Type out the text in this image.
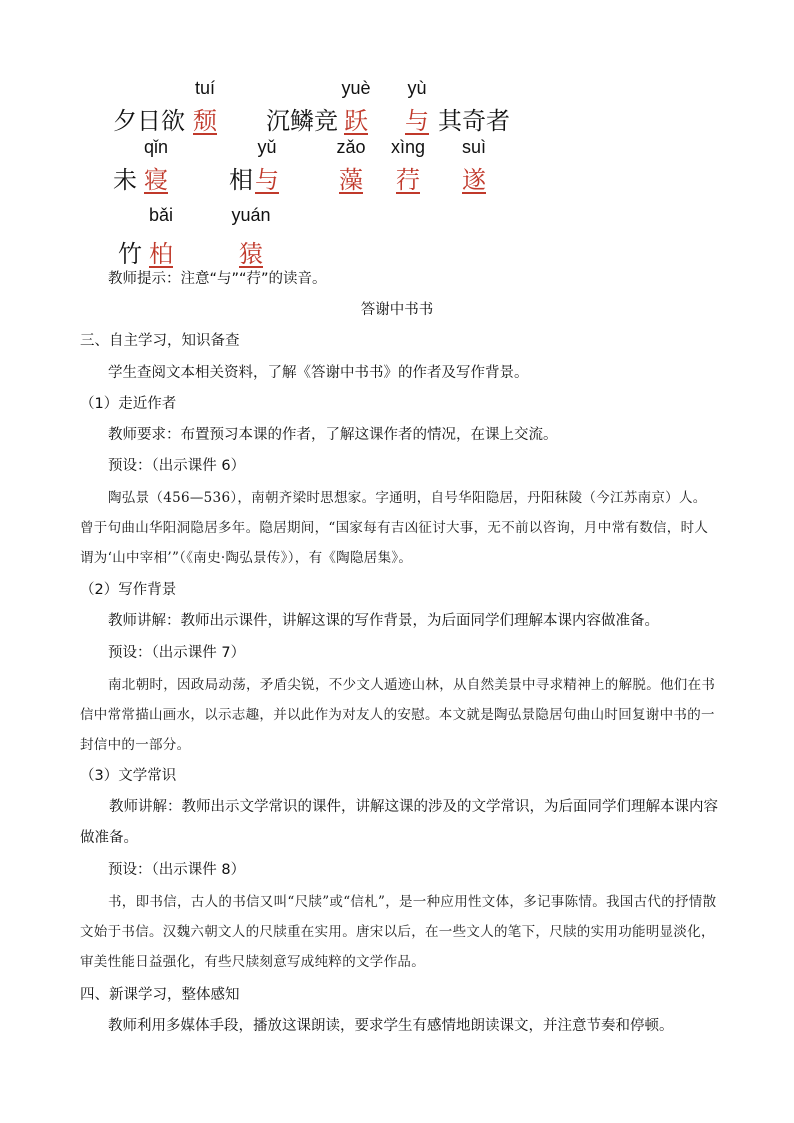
夕日欲
tuí
颓 沉鳞竞
yuè
跃
yù
与 其奇者
未
qǐn
寝	相
yǔ
与
zǎo
藻
xìng
荇
suì
遂
竹
bǎi
柏
yuán
猿
教师提示：注意“与”“荇”的读音。
答谢中书书
三、自主学习，知识备查
学生查阅文本相关资料，了解《答谢中书书》的作者及写作背景。
（1）走近作者
教师要求：布置预习本课的作者，了解这课作者的情况，在课上交流。
预设：（出示课件 6）
陶弘景（456—536），南朝齐梁时思想家。字通明，自号华阳隐居，丹阳秣陵（今江苏南京）人。曾于句曲山华阳洞隐居多年。隐居期间，“国家每有吉凶征讨大事，无不前以咨询，月中常有数信，时人谓为‘山中宰相’”（《南史·陶弘景传》），有《陶隐居集》。
（2）写作背景
教师讲解：教师出示课件，讲解这课的写作背景，为后面同学们理解本课内容做准备。
预设：（出示课件 7）
南北朝时，因政局动荡，矛盾尖锐，不少文人遁迹山林，从自然美景中寻求精神上的解脱。他们在书信中常常描山画水，以示志趣，并以此作为对友人的安慰。本文就是陶弘景隐居句曲山时回复谢中书的一封信中的一部分。
（3）文学常识
教师讲解：教师出示文学常识的课件，讲解这课的涉及的文学常识，为后面同学们理解本课内容做准备。
预设：（出示课件 8）
书，即书信，古人的书信又叫“尺牍”或“信札”，是一种应用性文体，多记事陈情。我国古代的抒情散文始于书信。汉魏六朝文人的尺牍重在实用。唐宋以后，在一些文人的笔下，尺牍的实用功能明显淡化，审美性能日益强化，有些尺牍刻意写成纯粹的文学作品。
四、新课学习，整体感知
教师利用多媒体手段，播放这课朗读，要求学生有感情地朗读课文，并注意节奏和停顿。
